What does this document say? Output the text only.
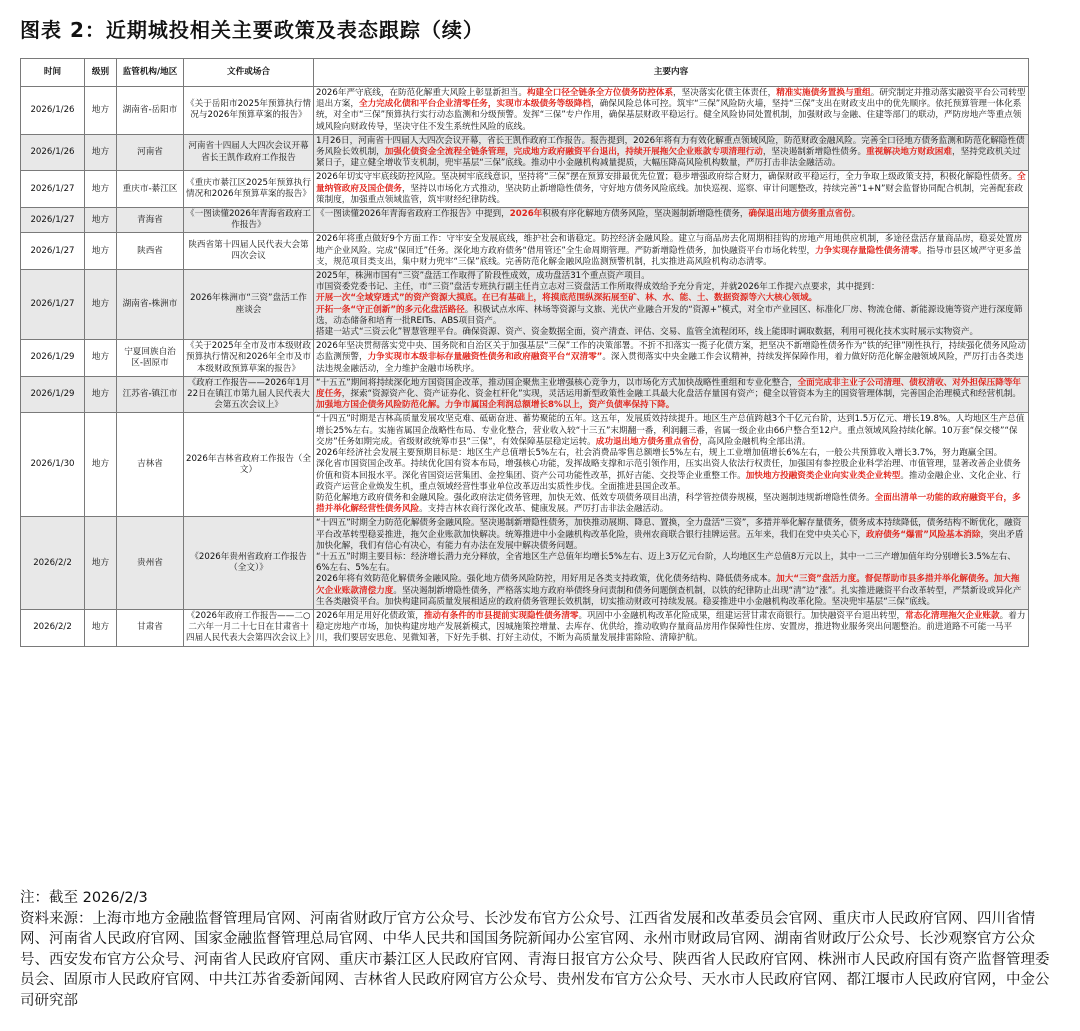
图表 2：近期城投相关主要政策及表态跟踪（续）
时间	级别	监管机构/地区	文件或场合	主要内容
2026/1/26	地方	湖南省-岳阳市	《关于岳阳市2025年预算执行情况与2026年预算草案的报告》	2026年严守底线，在防范化解重大风险上彰显新担当。构建全口径全链条全方位债务防控体系，坚决落实化债主体责任，精准实施债务置换与重组。研究制定并推动落实融资平台公司转型退出方案，全力完成化债和平台企业清零任务，实现市本级债务等级降档，确保风险总体可控。筑牢“三保”风险防火墙，坚持“三保”支出在财政支出中的优先顺序。依托预算管理一体化系统，对全市“三保”预算执行实行动态监测和分级预警。发挥“三保”专户作用，确保基层财政平稳运行。健全风险协同处置机制，加强财政与金融、住建等部门的联动，严防房地产等重点领域风险向财政传导，坚决守住不发生系统性风险的底线。
2026/1/26	地方	河南省	河南省十四届人大四次会议开幕省长王凯作政府工作报告	1月26日，河南省十四届人大四次会议开幕，省长王凯作政府工作报告。报告提到，2026年将有力有效化解重点领域风险，防范财政金融风险。完善全口径地方债务监测和防范化解隐性债务风险长效机制，加强化债资金全流程全链条管理，完成地方政府融资平台退出，持续开展拖欠企业账款专项清理行动，坚决遏制新增隐性债务。重视解决地方财政困难，坚持党政机关过紧日子，建立健全增收节支机制，兜牢基层“三保”底线。推动中小金融机构减量提质，大幅压降高风险机构数量，严厉打击非法金融活动。
2026/1/27	地方	重庆市-綦江区	《重庆市綦江区2025年预算执行情况和2026年预算草案的报告》	2026年切实守牢底线防控风险。坚决树牢底线意识，坚持将“三保”摆在预算安排最优先位置；稳步增强政府综合财力，确保财政平稳运行，全力争取上级政策支持，积极化解隐性债务。全量纳管政府及国企债务，坚持以市场化方式推动，坚决防止新增隐性债务，守好地方债务风险底线。加快巡视、巡察、审计问题整改，持续完善“1+N”财会监督协同配合机制，完善配套政策制度，加强重点领域监管，筑牢财经纪律防线。
2026/1/27	地方	青海省	《一图读懂2026年青海省政府工作报告》	《一图读懂2026年青海省政府工作报告》中提到，2026年积极有序化解地方债务风险，坚决遏制新增隐性债务，确保退出地方债务重点省份。
2026/1/27	地方	陕西省	陕西省第十四届人民代表大会第四次会议	2026年将重点做好9个方面工作：守牢安全发展底线，维护社会和谐稳定。防控经济金融风险。建立与商品房去化周期相挂钩的房地产用地供应机制，多途径盘活存量商品房，稳妥处置房地产企业风险。完成“保回迁”任务。深化地方政府债务“借用管还”全生命周期管理。严防新增隐性债务，加快融资平台市场化转型，力争实现存量隐性债务清零。指导市县区域严守更多盖支，规范项目类支出，集中财力兜牢“三保”底线。完善防范化解金融风险监测预警机制，扎实推进高风险机构动态清零。
2026/1/27	地方	湖南省-株洲市	2026年株洲市“三资”盘活工作座谈会	2025年，株洲市国有“三资”盘活工作取得了阶段性成效，成功盘活31个重点资产项目。
市国资委党委书记、主任，市“三资”盘活专班执行副主任肖立志对三资盘活工作所取得成效给予充分肯定，并就2026年工作提六点要求，其中提到：
开展一次“全域穿透式”的资产资源大摸底。在已有基础上，将摸底范围纵深拓展至矿、林、水、能、土、数据资源等六大核心领域。
开拓一条“守正创新”的多元化盘活路径。积极试点水库、林场等资源与文旅、光伏产业融合开发的“资源+”模式，对全市产业园区、标准化厂房、物流仓储、新能源设施等资产进行深度筛选，动态储备和培育一批REITs、ABS项目资产。
搭建一站式“三资云化”智慧管理平台。确保资源、资产、资金数据全面，资产清查、评估、交易、监管全流程闭环，线上能即时调取数据，利用可视化技术实时展示实物资产。
2026/1/29	地方	宁夏回族自治区-固原市	《关于2025年全市及市本级财政预算执行情况和2026年全市及市本级财政预算草案的报告》	2026年坚决贯彻落实党中央、国务院和自治区关于加强基层“三保”工作的决策部署。不折不扣落实一揽子化债方案，把坚决不新增隐性债务作为“铁的纪律”刚性执行，持续强化债务风险动态监测预警，力争实现市本级非标存量融资性债务和政府融资平台“双清零”。深入贯彻落实中央金融工作会议精神，持续发挥保障作用，着力做好防范化解金融领域风险，严厉打击各类违法违规金融活动，全力维护金融市场秩序。
2026/1/29	地方	江苏省-镇江市	《政府工作报告——2026年1月22日在镇江市第九届人民代表大会第五次会议上》	“十五五”期间将持续深化地方国资国企改革，推动国企聚焦主业增强核心竞争力，以市场化方式加快战略性重组和专业化整合，全面完成非主业子公司清理、债权清收、对外担保压降等年度任务，探索“资源资产化、资产证券化、资金杠杆化”实现，灵活运用新型政策性金融工具最大化盘活存量国有资产；健全以管资本为主的国资管理体制，完善国企治理模式和经营机制。加强地方国企债务风险防范化解。力争市属国企利润总额增长8%以上，资产负债率保持下降。
2026/1/30	地方	吉林省	2026年吉林省政府工作报告（全文）	“十四五”时期是吉林高质量发展攻坚克难、砥砺奋进、蓄势聚能的五年。这五年，发展质效持续提升。地区生产总值跨越3个千亿元台阶，达到1.5万亿元、增长19.8%。人均地区生产总值增长25%左右。实施省属国企战略性布局、专业化整合，营业收入较“十三五”末期翻一番，利润翻三番，省属一级企业由66户整合至12户。重点领域风险持续化解。10万套“保交楼”“保交房”任务如期完成。省级财政统筹市县“三保”，有效保障基层稳定运转。成功退出地方债务重点省份，高风险金融机构全部出清。
2026年经济社会发展主要预期目标是：地区生产总值增长5%左右，社会消费品零售总额增长5%左右，规上工业增加值增长6%左右，一般公共预算收入增长3.7%，努力跑赢全国。
深化省市国资国企改革。持续优化国有资本布局，增强核心功能，发挥战略支撑和示范引领作用，压实出资人依法行权责任，加强国有参控股企业科学治理、市值管理，显著改善企业债务价值和资本回报水平。深化省国资运营集团、金控集团、资产公司功能性改革，抓好吉能、交投等企业重整工作。加快地方投融资类企业向实业类企业转型。推动金融企业、文化企业、行政资产运营企业焕发生机，重点领域经营性事业单位改革迈出实质性步伐。全面推进县国企改革。
防范化解地方政府债务和金融风险。强化政府法定债务管理，加快无效、低效专项债务项目出清，科学管控债券规模，坚决遏制违规新增隐性债务。全面出清单一功能的政府融资平台，多措并举化解经营性债务风险。支持吉林农商行深化改革、健康发展。严厉打击非法金融活动。
2026/2/2	地方	贵州省	《2026年贵州省政府工作报告（全文）》	“十四五”时期全力防范化解债务金融风险。坚决遏制新增隐性债务，加快推动展期、降息、置换，全力盘活“三资”，多措并举化解存量债务，债务成本持续降低，债务结构不断优化，融资平台改革转型稳妥推进，拖欠企业账款加快解决。统筹推进中小金融机构改革化险，贵州农商联合银行挂牌运营。五年来，我们在党中央关心下，政府债务“爆雷”风险基本消除，突出矛盾加快化解，我们有信心有决心，有能力有办法在发展中解决债务问题。
“十五五”时期主要目标：经济增长潜力充分释放，全省地区生产总值年均增长5%左右、迈上3万亿元台阶，人均地区生产总值8万元以上，其中一二三产增加值年均分别增长3.5%左右、6%左右、5%左右。
2026年将有效防范化解债务金融风险。强化地方债务风险防控，用好用足各类支持政策，优化债务结构、降低债务成本。加大“三资”盘活力度。督促帮助市县多措并举化解债务。加大拖欠企业账款清偿力度。坚决遏制新增隐性债务，严格落实地方政府举债终身问责制和债务问题倒查机制，以铁的纪律防止出现“清”边“涨”。扎实推进融资平台改革转型，严禁新设或异化产生各类融资平台。加快构建同高质量发展相适应的政府债务管理长效机制，切实推动财政可持续发展。稳妥推进中小金融机构改革化险。坚决兜牢基层“三保”底线。
2026/2/2	地方	甘肃省	《2026年政府工作报告——二○二六年一月二十七日在甘肃省十四届人民代表大会第四次会议上》	2026年用足用好化债政策，推动有条件的市县提前实现隐性债务清零。巩固中小金融机构改革化险成果，组建运营甘肃农商银行。加快融资平台退出转型，常态化清理拖欠企业账款。着力稳定房地产市场，加快构建房地产发展新模式，因城施策控增量、去库存、优供给，推动收购存量商品房用作保障性住房、安置房，推进物业服务突出问题整治。前进道路不可能一马平川，我们要居安思危、见微知著，下好先手棋、打好主动仗，不断为高质量发展排雷除险、清障护航。
注：截至 2026/2/3
资料来源：上海市地方金融监督管理局官网、河南省财政厅官方公众号、长沙发布官方公众号、江西省发展和改革委员会官网、重庆市人民政府官网、四川省情网、河南省人民政府官网、国家金融监督管理总局官网、中华人民共和国国务院新闻办公室官网、永州市财政局官网、湖南省财政厅公众号、长沙观察官方公众号、西安发布官方公众号、河南省人民政府官网、重庆市綦江区人民政府官网、青海日报官方公众号、陕西省人民政府官网、株洲市人民政府国有资产监督管理委员会、固原市人民政府官网、中共江苏省委新闻网、吉林省人民政府网官方公众号、贵州发布官方公众号、天水市人民政府官网、都江堰市人民政府官网，中金公司研究部
